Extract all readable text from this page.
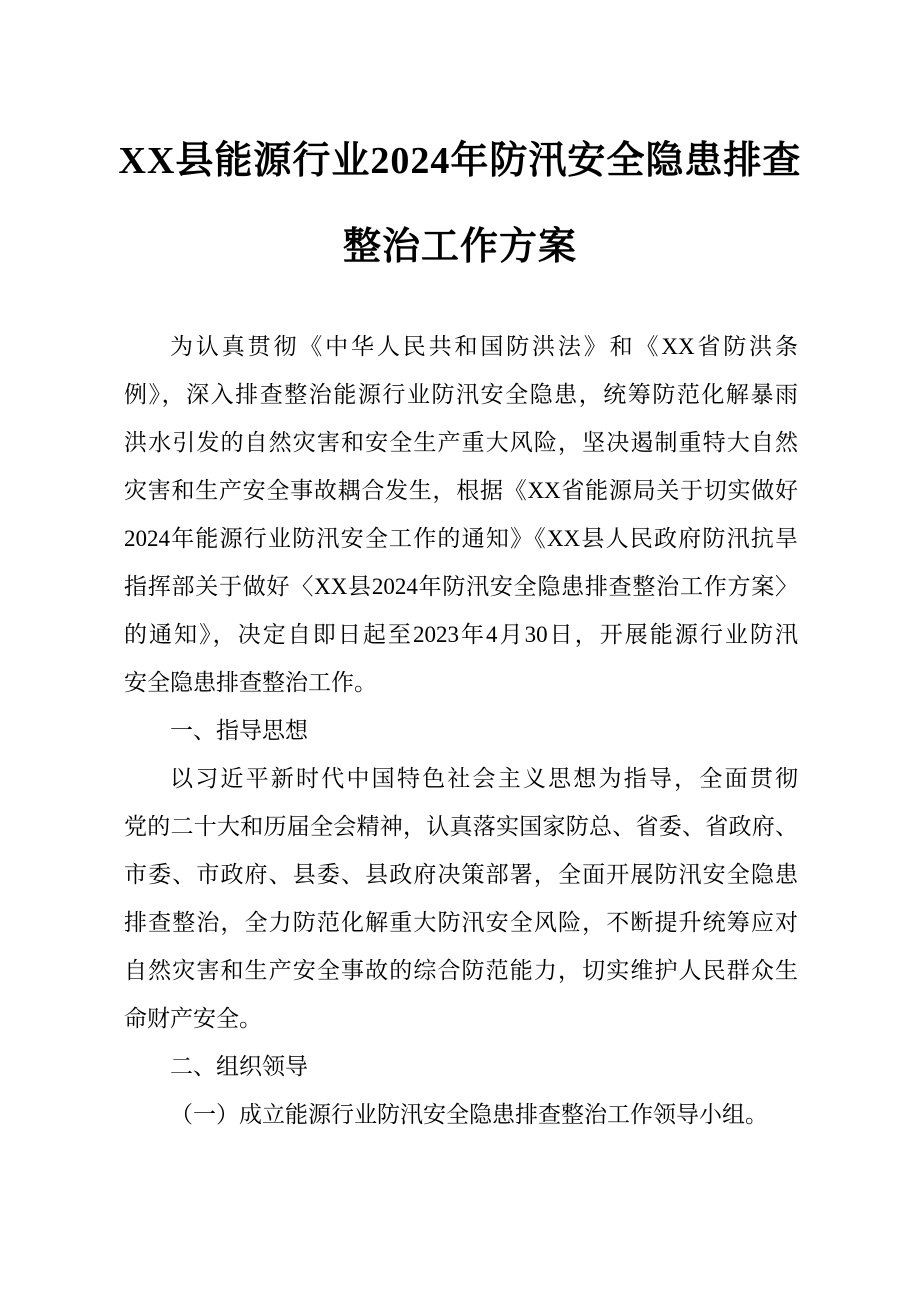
XX县能源行业2024年防汛安全隐患排查
整治工作方案
为认真贯彻《中华人民共和国防洪法》和《XX省防洪条
例》，深入排查整治能源行业防汛安全隐患，统筹防范化解暴雨
洪水引发的自然灾害和安全生产重大风险，坚决遏制重特大自然
灾害和生产安全事故耦合发生，根据《XX省能源局关于切实做好
2024年能源行业防汛安全工作的通知》《XX县人民政府防汛抗旱
指挥部关于做好〈XX县2024年防汛安全隐患排查整治工作方案〉
的通知》，决定自即日起至2023年4月30日，开展能源行业防汛
安全隐患排查整治工作。
一、指导思想
以习近平新时代中国特色社会主义思想为指导，全面贯彻
党的二十大和历届全会精神，认真落实国家防总、省委、省政府、
市委、市政府、县委、县政府决策部署，全面开展防汛安全隐患
排查整治，全力防范化解重大防汛安全风险，不断提升统筹应对
自然灾害和生产安全事故的综合防范能力，切实维护人民群众生
命财产安全。
二、组织领导
（一）成立能源行业防汛安全隐患排查整治工作领导小组。
